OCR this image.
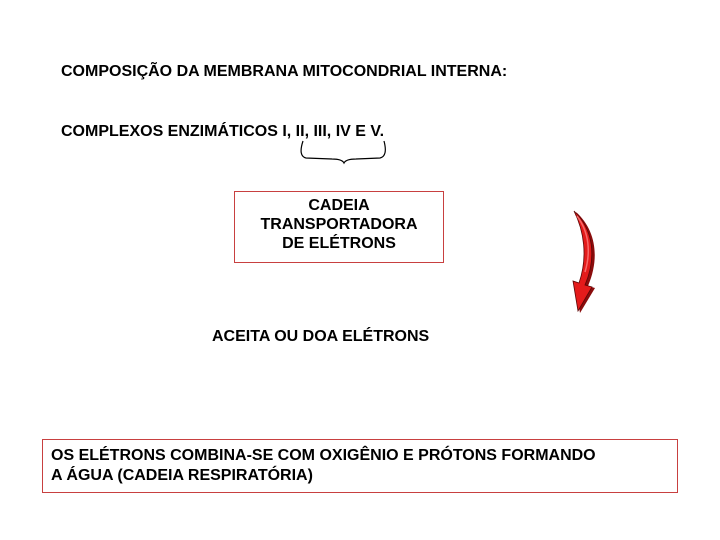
COMPOSIÇÃO DA MEMBRANA MITOCONDRIAL INTERNA:
COMPLEXOS ENZIMÁTICOS I, II, III, IV E V.
CADEIA
TRANSPORTADORA
DE ELÉTRONS
ACEITA OU DOA ELÉTRONS
OS ELÉTRONS COMBINA-SE COM OXIGÊNIO E PRÓTONS FORMANDO
A ÁGUA (CADEIA RESPIRATÓRIA)
